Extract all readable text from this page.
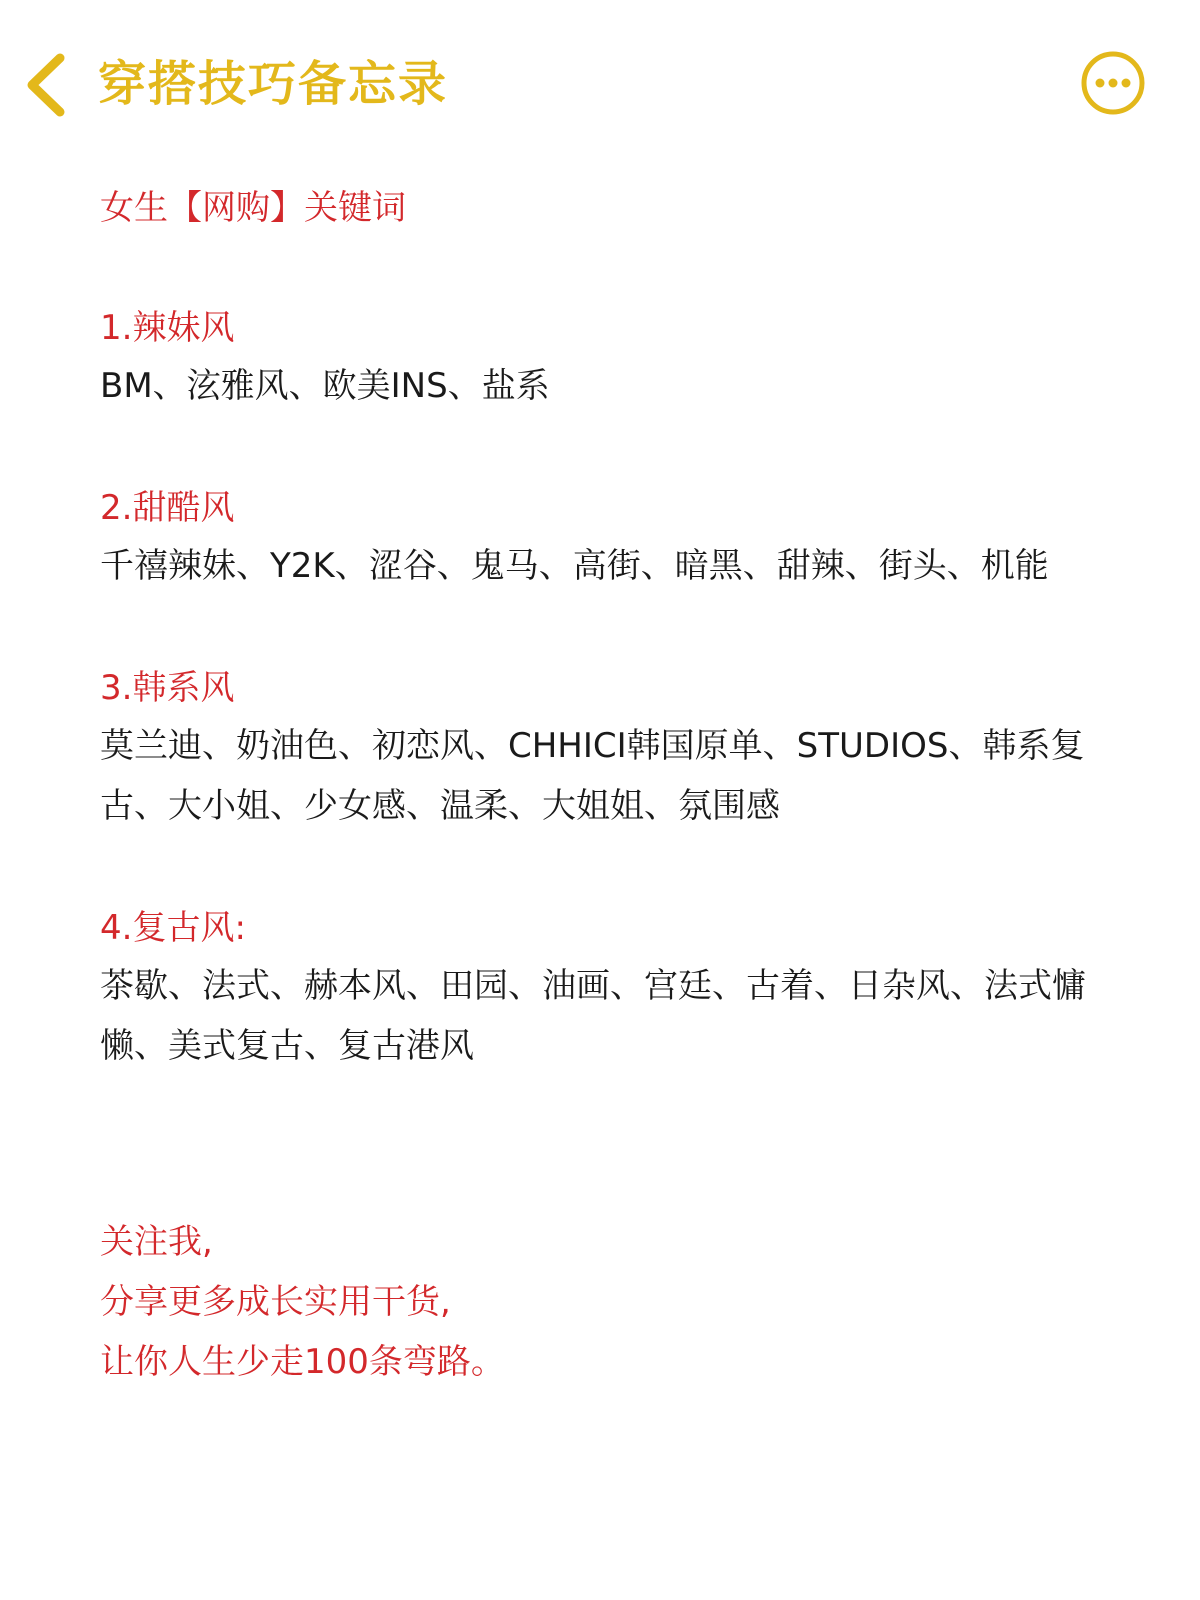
穿搭技巧备忘录

女生【网购】关键词

1.辣妹风

BM、泫雅风、欧美INS、盐系

2.甜酷风

千禧辣妹、Y2K、涩谷、鬼马、高街、暗黑、甜辣、街头、机能

3.韩系风

莫兰迪、奶油色、初恋风、CHHICI韩国原单、STUDIOS、韩系复古、大小姐、少女感、温柔、大姐姐、氛围感

4.复古风:

茶歇、法式、赫本风、田园、油画、宫廷、古着、日杂风、法式慵懒、美式复古、复古港风

关注我,

分享更多成长实用干货,

让你人生少走100条弯路。
